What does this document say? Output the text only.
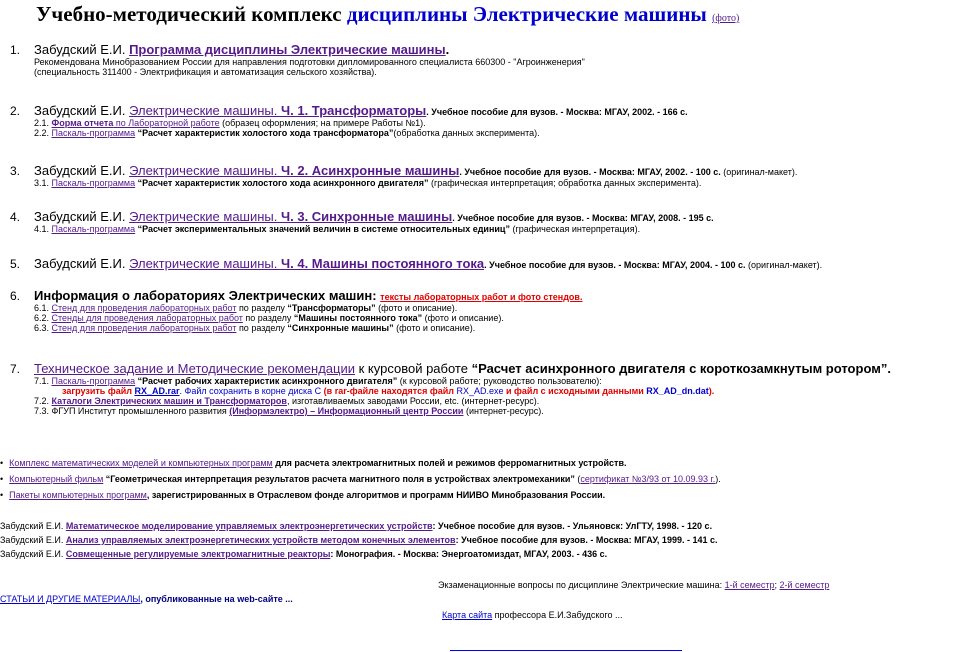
Учебно-методический комплекс дисциплины Электрические машины (фото)
1. Забудский Е.И. Программа дисциплины Электрические машины.
Рекомендована Минобразованием России для направления подготовки дипломированного специалиста 660300 - "Агроинженерия"
(специальность 311400 - Электрификация и автоматизация сельского хозяйства).
2. Забудский Е.И. Электрические машины. Ч. 1. Трансформаторы. Учебное пособие для вузов. - Москва: МГАУ, 2002. - 166 с.
2.1. Форма отчета по Лабораторной работе (образец оформления; на примере Работы №1).
2.2. Паскаль-программа “Расчет характеристик холостого хода трансформатора”(обработка данных эксперимента).
3. Забудский Е.И. Электрические машины. Ч. 2. Асинхронные машины. Учебное пособие для вузов. - Москва: МГАУ, 2002. - 100 с. (оригинал-макет).
3.1. Паскаль-программа “Расчет характеристик холостого хода асинхронного двигателя” (графическая интерпретация; обработка данных эксперимента).
4. Забудский Е.И. Электрические машины. Ч. 3. Синхронные машины. Учебное пособие для вузов. - Москва: МГАУ, 2008. - 195 с.
4.1. Паскаль-программа “Расчет экспериментальных значений величин в системе относительных единиц” (графическая интерпретация).
5. Забудский Е.И. Электрические машины. Ч. 4. Машины постоянного тока. Учебное пособие для вузов. - Москва: МГАУ, 2004. - 100 с. (оригинал-макет).
6. Информация о лабораториях Электрических машин: тексты лабораторных работ и фото стендов.
6.1. Стенд для проведения лабораторных работ по разделу “Трансформаторы” (фото и описание).
6.2. Стенды для проведения лабораторных работ по разделу “Машины постоянного тока” (фото и описание).
6.3. Стенд для проведения лабораторных работ по разделу “Синхронные машины” (фото и описание).
7. Техническое задание и Методические рекомендации к курсовой работе “Расчет асинхронного двигателя с короткозамкнутым ротором”.
7.1. Паскаль-программа “Расчет рабочих характеристик асинхронного двигателя” (к курсовой работе; руководство пользователю):
загрузить файл RX_AD.rar. Файл сохранить в корне диска С (в rar-файле находятся файл RX_AD.exe и файл с исходными данными RX_AD_dn.dat).
7.2. Каталоги Электрических машин и Трансформаторов, изготавливаемых заводами России, etc. (интернет-ресурс).
7.3. ФГУП Институт промышленного развития (Информэлектро) – Информационный центр России (интернет-ресурс).
• Комплекс математических моделей и компьютерных программ для расчета электромагнитных полей и режимов ферромагнитных устройств.
• Компьютерный фильм “Геометрическая интерпретация результатов расчета магнитного поля в устройствах электромеханики” (сертификат №3/93 от 10.09.93 г.).
• Пакеты компьютерных программ, зарегистрированных в Отраслевом фонде алгоритмов и программ НИИВО Минобразования России.
Забудский Е.И. Математическое моделирование управляемых электроэнергетических устройств: Учебное пособие для вузов. - Ульяновск: УлГТУ, 1998. - 120 с.
Забудский Е.И. Анализ управляемых электроэнергетических устройств методом конечных элементов: Учебное пособие для вузов. - Москва: МГАУ, 1999. - 141 с.
Забудский Е.И. Совмещенные регулируемые электромагнитные реакторы: Монография. - Москва: Энергоатомиздат, МГАУ, 2003. - 436 с.
Экзаменационные вопросы по дисциплине Электрические машина: 1-й семестр; 2-й семестр
СТАТЬИ И ДРУГИЕ МАТЕРИАЛЫ, опубликованные на web-сайте ...
Карта сайта профессора Е.И.Забудского ...
